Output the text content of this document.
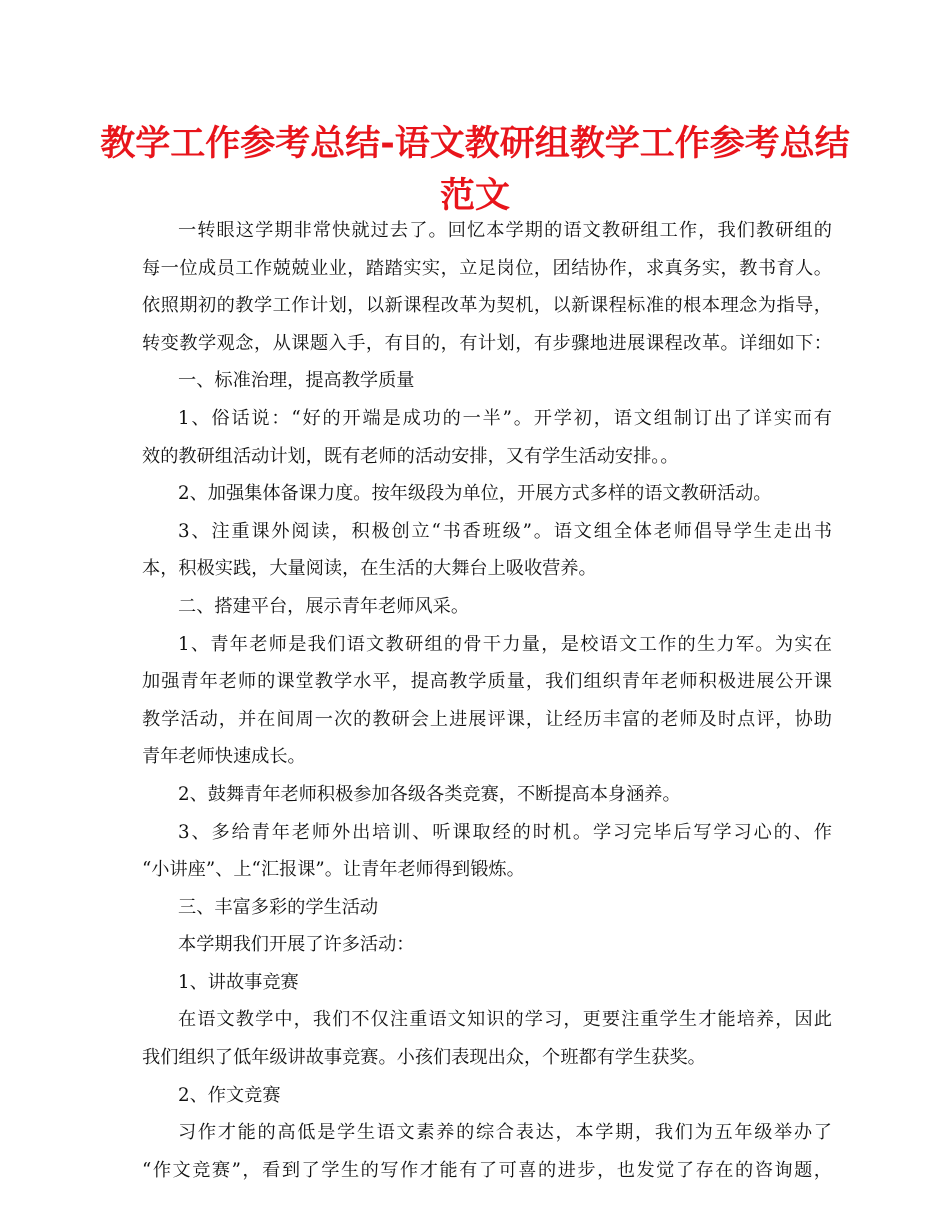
教学工作参考总结-语文教研组教学工作参考总结
范文
一转眼这学期非常快就过去了。回忆本学期的语文教研组工作，我们教研组的
每一位成员工作兢兢业业，踏踏实实，立足岗位，团结协作，求真务实，教书育人。
依照期初的教学工作计划，以新课程改革为契机，以新课程标准的根本理念为指导，
转变教学观念，从课题入手，有目的，有计划，有步骤地进展课程改革。详细如下：
一、标准治理，提高教学质量
1、俗话说：“好的开端是成功的一半”。开学初，语文组制订出了详实而有
效的教研组活动计划，既有老师的活动安排，又有学生活动安排。。
2、加强集体备课力度。按年级段为单位，开展方式多样的语文教研活动。
3、注重课外阅读，积极创立“书香班级”。语文组全体老师倡导学生走出书
本，积极实践，大量阅读，在生活的大舞台上吸收营养。
二、搭建平台，展示青年老师风采。
1、青年老师是我们语文教研组的骨干力量，是校语文工作的生力军。为实在
加强青年老师的课堂教学水平，提高教学质量，我们组织青年老师积极进展公开课
教学活动，并在间周一次的教研会上进展评课，让经历丰富的老师及时点评，协助
青年老师快速成长。
2、鼓舞青年老师积极参加各级各类竞赛，不断提高本身涵养。
3、多给青年老师外出培训、听课取经的时机。学习完毕后写学习心的、作
“小讲座”、上“汇报课”。让青年老师得到锻炼。
三、丰富多彩的学生活动
本学期我们开展了许多活动：
1、讲故事竞赛
在语文教学中，我们不仅注重语文知识的学习，更要注重学生才能培养，因此
我们组织了低年级讲故事竞赛。小孩们表现出众，个班都有学生获奖。
2、作文竞赛
习作才能的高低是学生语文素养的综合表达，本学期，我们为五年级举办了
“作文竞赛”，看到了学生的写作才能有了可喜的进步，也发觉了存在的咨询题，
